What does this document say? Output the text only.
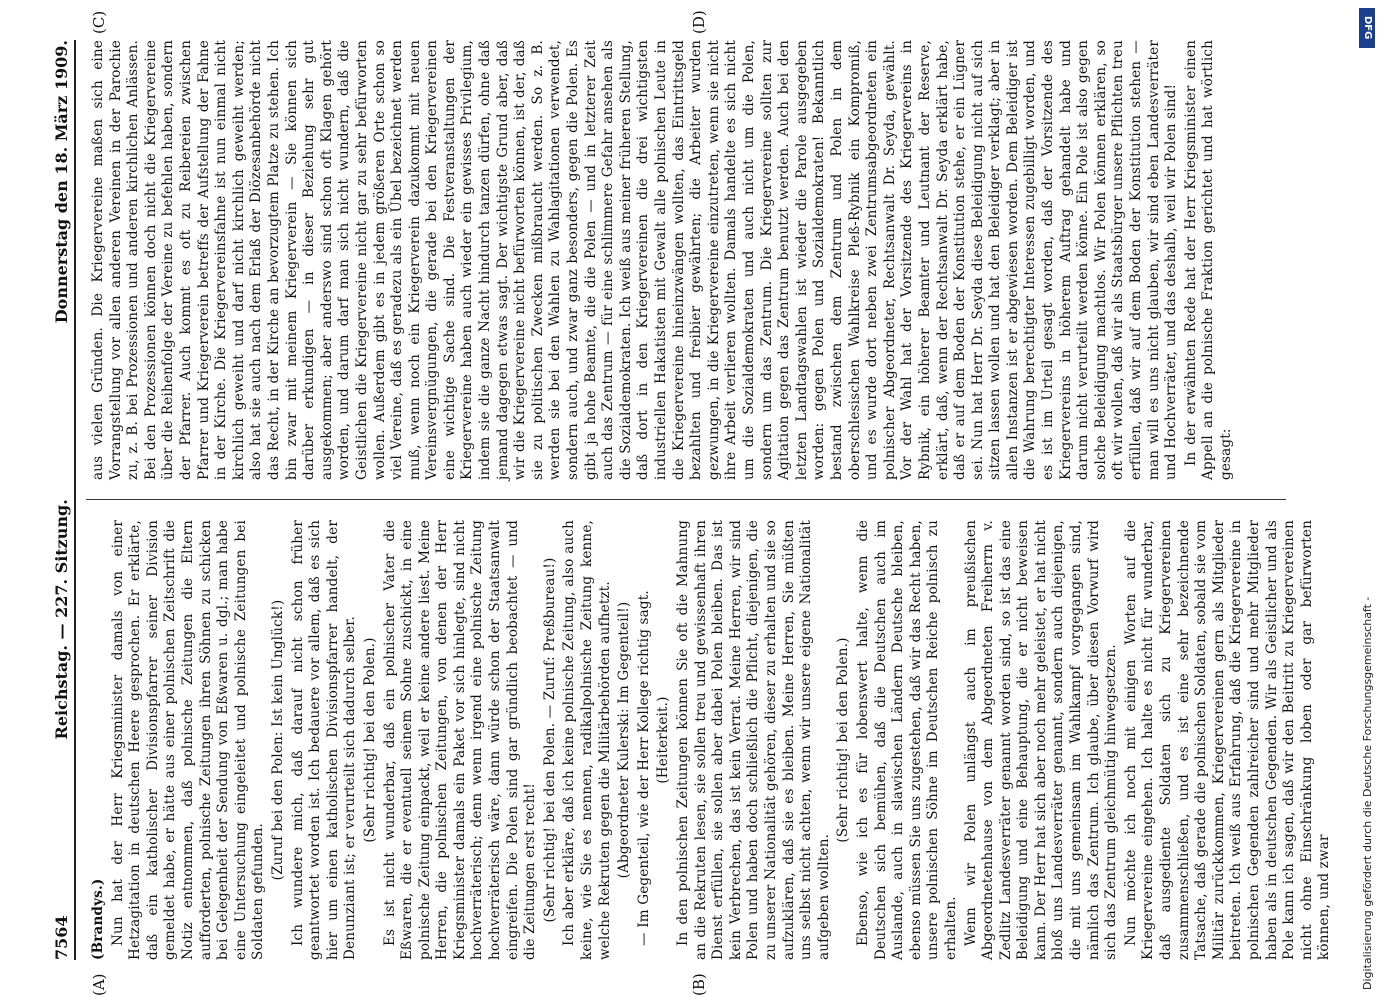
7564
Reichstag. — 227. Sitzung.
Donnerstag den 18. März 1909.

(Brandys.) Nun hat der Herr Kriegsminister damals von einer Hetzagitation in deutschen Heere gesprochen. Er erklärte, daß ein katholischer Divisionspfarrer seiner Division gemeldet habe, er hätte aus einer polnischen Zeitschrift die Notiz entnommen, daß polnische Zeitungen die Eltern aufforderten, polnische Zeitungen ihren Söhnen zu schicken bei Gelegenheit der Sendung von Eßwaren u. dgl.; man habe eine Untersuchung eingeleitet und polnische Zeitungen bei Soldaten gefunden.

(Zuruf bei den Polen: Ist kein Unglück!) Ich wundere mich, daß darauf nicht schon früher geantwortet worden ist. Ich bedauere vor allem, daß es sich hier um einen katholischen Divisionspfarrer handelt, der Denunziant ist; er verurteilt sich dadurch selber. (Sehr richtig! bei den Polen.) Es ist nicht wunderbar, daß ein polnischer Vater die Eßwaren, die er eventuell seinem Sohne zuschickt, in eine polnische Zeitung einpackt, weil er keine andere liest. Meine Herren, die polnischen Zeitungen, von denen der Herr Kriegsminister damals ein Paket vor sich hinlegte, sind nicht hochverräterisch; denn wenn irgend eine polnische Zeitung hochverräterisch wäre, dann würde schon der Staatsanwalt eingreifen. Die Polen sind gar gründlich beobachtet — und die Zeitungen erst recht! (Sehr richtig! bei den Polen. — Zuruf: Preßbureau!) Ich aber erkläre, daß ich keine polnische Zeitung, also auch keine, wie Sie es nennen, radikalpolnische Zeitung kenne, welche Rekruten gegen die Militärbehörden aufhetzt. (Abgeordneter Kulerski: Im Gegenteil!) — Im Gegenteil, wie der Herr Kollege richtig sagt. (Heiterkeit.) In den polnischen Zeitungen können Sie oft die Mahnung an die Rekruten lesen, sie sollen treu und gewissenhaft ihren Dienst erfüllen, sie sollen aber dabei Polen bleiben. Das ist kein Verbrechen, das ist kein Verrat. Meine Herren, wir sind Polen und haben doch schließlich die Pflicht, diejenigen, die zu unserer Nationalität gehören, dieser zu erhalten und sie so aufzuklären, daß sie es bleiben. Meine Herren, Sie müßten uns selbst nicht achten, wenn wir unsere eigene Nationalität aufgeben wollten.

(Sehr richtig! bei den Polen.) Ebenso, wie ich es für lobenswert halte, wenn die Deutschen sich bemühen, daß die Deutschen auch im Auslande, auch in slawischen Ländern Deutsche bleiben, ebenso müssen Sie uns zugestehen, daß wir das Recht haben, unsere polnischen Söhne im Deutschen Reiche polnisch zu erhalten. Wenn wir Polen unlängst auch im preußischen Abgeordnetenhause von dem Abgeordneten Freiherrn v. Zedlitz Landesverräter genannt worden sind, so ist das eine Beleidigung und eine Behauptung, die er nicht beweisen kann. Der Herr hat sich aber noch mehr geleistet, er hat nicht bloß uns Landesverräter genannt, sondern auch diejenigen, die mit uns gemeinsam im Wahlkampf vorgegangen sind, nämlich das Zentrum. Ich glaube, über diesen Vorwurf wird sich das Zentrum gleichmütig hinwegsetzen. Nun möchte ich noch mit einigen Worten auf die Kriegervereine eingehen. Ich halte es nicht für wunderbar, daß ausgediente Soldaten sich zu Kriegervereinen zusammenschließen, und es ist eine sehr bezeichnende Tatsache, daß gerade die polnischen Soldaten, sobald sie vom Militär zurückkommen, Kriegervereinen gern als Mitglieder beitreten. Ich weiß aus Erfahrung, daß die Kriegervereine in polnischen Gegenden zahlreicher sind und mehr Mitglieder haben als in deutschen Gegenden. Wir als Geistlicher und als Pole kann ich sagen, daß wir den Beitritt zu Kriegervereinen nicht ohne Einschränkung loben oder gar befürworten können, und zwar

aus vielen Gründen. Die Kriegervereine maßen sich eine Vorrangstellung vor allen anderen Vereinen in der Parochie zu, z. B. bei Prozessionen und anderen kirchlichen Anlässen. Bei den Prozessionen können doch nicht die Kriegervereine über die Reihenfolge der Vereine zu befehlen haben, sondern der Pfarrer. Auch kommt es oft zu Reibereien zwischen Pfarrer und Kriegerverein betreffs der Aufstellung der Fahne in der Kirche. Die Kriegervereinsfahne ist nun einmal nicht kirchlich geweiht und darf nicht kirchlich geweiht werden; also hat sie auch nach dem Erlaß der Diözesanbehörde nicht das Recht, in der Kirche an bevorzugtem Platze zu stehen. Ich bin zwar mit meinem Kriegerverein — Sie können sich darüber erkundigen — in dieser Beziehung sehr gut ausgekommen; aber anderswo sind schon oft Klagen gehört worden, und darum darf man sich nicht wundern, daß die Geistlichen die Kriegervereine nicht gar zu sehr befürworten wollen. Außerdem gibt es in jedem größeren Orte schon so viel Vereine, daß es geradezu als ein Übel bezeichnet werden muß, wenn noch ein Kriegerverein dazukommt mit neuen Vereinsvergnügungen, die gerade bei den Kriegervereinen eine wichtige Sache sind. Die Festveranstaltungen der Kriegervereine haben auch wieder ein gewisses Privilegium, indem sie die ganze Nacht hindurch tanzen dürfen, ohne daß jemand dagegen etwas sagt. Der wichtigste Grund aber, daß wir die Kriegervereine nicht befürworten können, ist der, daß sie zu politischen Zwecken mißbraucht werden. So z. B. werden sie bei den Wahlen zu Wahlagitationen verwendet, sondern auch, und zwar ganz besonders, gegen die Polen. Es gibt ja hohe Beamte, die die Polen — und in letzterer Zeit auch das Zentrum — für eine schlimmere Gefahr ansehen als die Sozialdemokraten. Ich weiß aus meiner früheren Stellung, daß dort in den Kriegervereinen die drei wichtigsten industriellen Hakatisten mit Gewalt alle polnischen Leute in die Kriegervereine hineinzwängen wollten, das Eintrittsgeld bezahlten und freibier gewährten; die Arbeiter wurden gezwungen, in die Kriegervereine einzutreten, wenn sie nicht ihre Arbeit verlieren wollten. Damals handelte es sich nicht um die Sozialdemokraten und auch nicht um die Polen, sondern um das Zentrum. Die Kriegervereine sollten zur Agitation gegen das Zentrum benutzt werden. Auch bei den letzten Landtagswahlen ist wieder die Parole ausgegeben worden: gegen Polen und Sozialdemokraten! Bekanntlich bestand zwischen dem Zentrum und Polen in dem oberschlesischen Wahlkreise Pleß-Rybnik ein Kompromiß, und es wurde dort neben zwei Zentrumsabgeordneten ein polnischer Abgeordneter, Rechtsanwalt Dr. Seyda, gewählt. Vor der Wahl hat der Vorsitzende des Kriegervereins in Rybnik, ein höherer Beamter und Leutnant der Reserve, erklärt, daß, wenn der Rechtsanwalt Dr. Seyda erklärt habe, daß er auf dem Boden der Konstitution stehe, er ein Lügner sei. Nun hat Herr Dr. Seyda diese Beleidigung nicht auf sich sitzen lassen wollen und hat den Beleidiger verklagt; aber in allen Instanzen ist er abgewiesen worden. Dem Beleidiger ist die Wahrung berechtigter Interessen zugebilligt worden, und es ist im Urteil gesagt worden, daß der Vorsitzende des Kriegervereins in höherem Auftrag gehandelt habe und darum nicht verurteilt werden könne. Ein Pole ist also gegen solche Beleidigung machtlos. Wir Polen können erklären, so oft wir wollen, daß wir als Staatsbürger unsere Pflichten treu erfüllen, daß wir auf dem Boden der Konstitution stehen — man will es uns nicht glauben, wir sind eben Landesverräter und Hochverräter, und das deshalb, weil wir Polen sind! In der erwähnten Rede hat der Herr Kriegsminister einen Appell an die polnische Fraktion gerichtet und hat wörtlich gesagt:

(A)	(B)
(C)	(D)	DFG
Digitalisierung gefördert durch die Deutsche Forschungsgemeinschaft -
